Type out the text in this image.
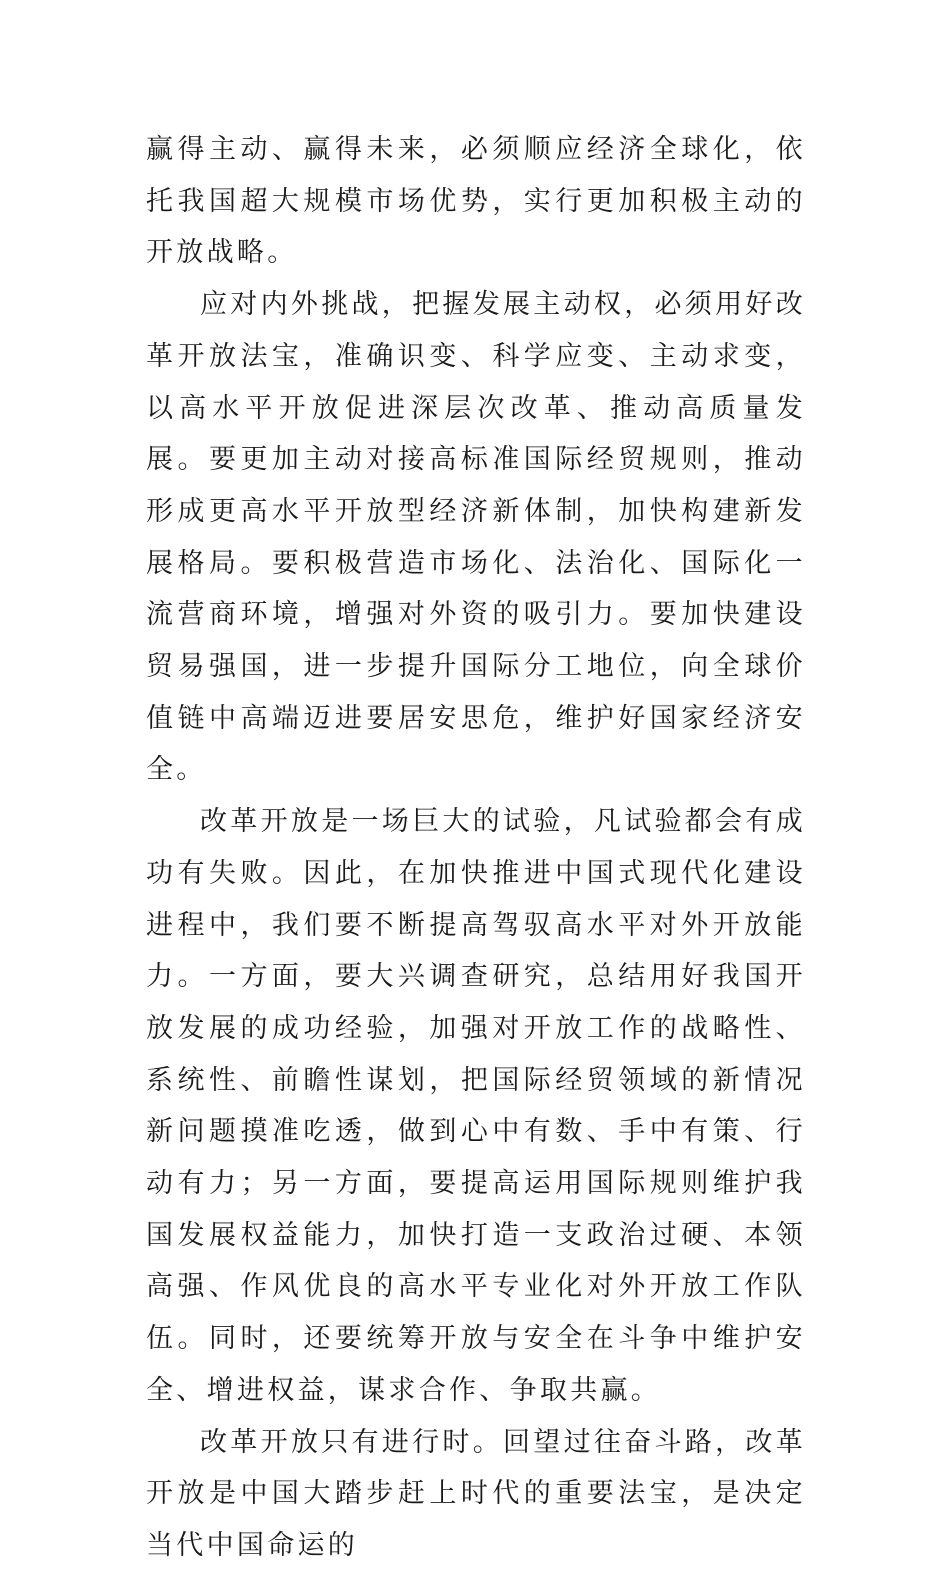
赢得主动、赢得未来，必须顺应经济全球化，依托我国超大规模市场优势，实行更加积极主动的开放战略。

应对内外挑战，把握发展主动权，必须用好改革开放法宝，准确识变、科学应变、主动求变，以高水平开放促进深层次改革、推动高质量发展。要更加主动对接高标准国际经贸规则，推动形成更高水平开放型经济新体制，加快构建新发展格局。要积极营造市场化、法治化、国际化一流营商环境，增强对外资的吸引力。要加快建设贸易强国，进一步提升国际分工地位，向全球价值链中高端迈进要居安思危，维护好国家经济安全。

改革开放是一场巨大的试验，凡试验都会有成功有失败。因此，在加快推进中国式现代化建设进程中，我们要不断提高驾驭高水平对外开放能力。一方面，要大兴调查研究，总结用好我国开放发展的成功经验，加强对开放工作的战略性、系统性、前瞻性谋划，把国际经贸领域的新情况新问题摸准吃透，做到心中有数、手中有策、行动有力；另一方面，要提高运用国际规则维护我国发展权益能力，加快打造一支政治过硬、本领高强、作风优良的高水平专业化对外开放工作队伍。同时，还要统筹开放与安全在斗争中维护安全、增进权益，谋求合作、争取共赢。

改革开放只有进行时。回望过往奋斗路，改革开放是中国大踏步赶上时代的重要法宝，是决定当代中国命运的
